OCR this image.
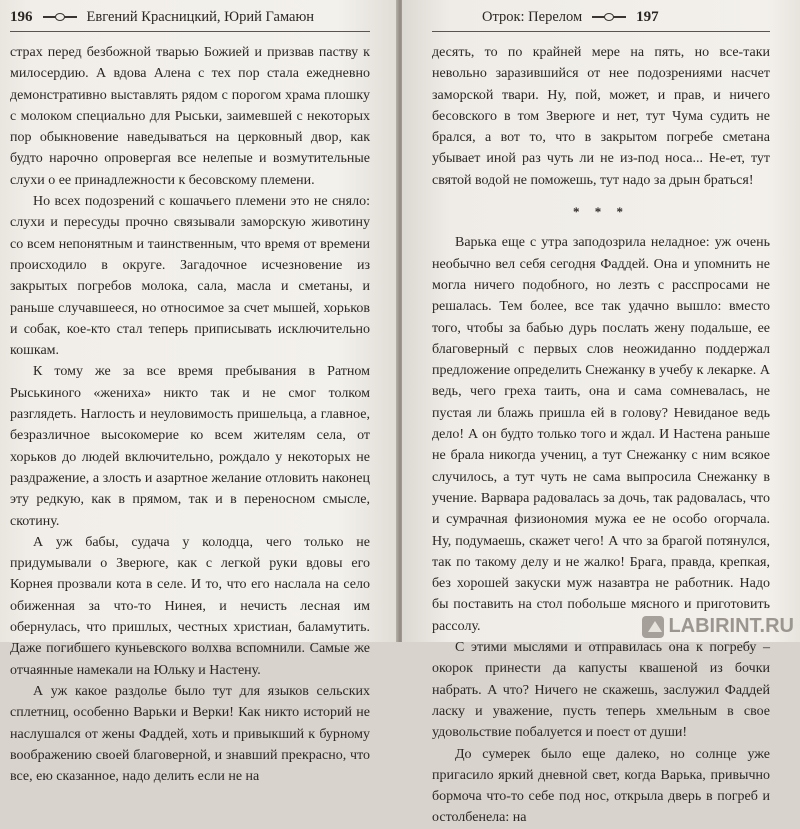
196	Евгений Красницкий, Юрий Гамаюн

страх перед безбожной тварью Божией и призвав паству к милосердию. А вдова Алена с тех пор стала ежедневно демонстративно выставлять рядом с порогом храма плошку с молоком специально для Рыськи, заимевшей с некоторых пор обыкновение наведываться на церковный двор, как будто нарочно опровергая все нелепые и возмутительные слухи о ее принадлежности к бесовскому племени.

Но всех подозрений с кошачьего племени это не сняло: слухи и пересуды прочно связывали заморскую животину со всем непонятным и таинственным, что время от времени происходило в округе. Загадочное исчезновение из закрытых погребов молока, сала, масла и сметаны, и раньше случавшееся, но относимое за счет мышей, хорьков и собак, кое-кто стал теперь приписывать исключительно кошкам.

К тому же за все время пребывания в Ратном Рыськиного «жениха» никто так и не смог толком разглядеть. Наглость и неуловимость пришельца, а главное, безразличное высокомерие ко всем жителям села, от хорьков до людей включительно, рождало у некоторых не раздражение, а злость и азартное желание отловить наконец эту редкую, как в прямом, так и в переносном смысле, скотину.

А уж бабы, судача у колодца, чего только не придумывали о Зверюге, как с легкой руки вдовы его Корнея прозвали кота в селе. И то, что его наслала на село обиженная за что-то Нинея, и нечисть лесная им обернулась, что пришлых, честных христиан, баламутить. Даже погибшего куньевского волхва вспомнили. Самые же отчаянные намекали на Юльку и Настену.

А уж какое раздолье было тут для языков сельских сплетниц, особенно Варьки и Верки! Как никто историй не наслушался от жены Фаддей, хоть и привыкший к бурному воображению своей благоверной, и знавший прекрасно, что все, ею сказанное, надо делить если не на

Отрок: Перелом	197

десять, то по крайней мере на пять, но все-таки невольно заразившийся от нее подозрениями насчет заморской твари. Ну, пой, может, и прав, и ничего бесовского в том Зверюге и нет, тут Чума судить не брался, а вот то, что в закрытом погребе сметана убывает иной раз чуть ли не из-под носа... Не-ет, тут святой водой не поможешь, тут надо за дрын браться!

* * *

Варька еще с утра заподозрила неладное: уж очень необычно вел себя сегодня Фаддей. Она и упомнить не могла ничего подобного, но лезть с расспросами не решалась. Тем более, все так удачно вышло: вместо того, чтобы за бабью дурь послать жену подальше, ее благоверный с первых слов неожиданно поддержал предложение определить Снежанку в учебу к лекарке. А ведь, чего греха таить, она и сама сомневалась, не пустая ли блажь пришла ей в голову? Невиданое ведь дело! А он будто только того и ждал. И Настена раньше не брала никогда учениц, а тут Снежанку с ним всякое случилось, а тут чуть не сама выпросила Снежанку в учение. Варвара радовалась за дочь, так радовалась, что и сумрачная физиономия мужа ее не особо огорчала. Ну, подумаешь, скажет чего! А что за брагой потянулся, так по такому делу и не жалко! Брага, правда, крепкая, без хорошей закуски муж назавтра не работник. Надо бы поставить на стол побольше мясного и приготовить рассолу.

С этими мыслями и отправилась она к погребу – окорок принести да капусты квашеной из бочки набрать. А что? Ничего не скажешь, заслужил Фаддей ласку и уважение, пусть теперь хмельным в свое удовольствие побалуется и поест от души!

До сумерек было еще далеко, но солнце уже пригасило яркий дневной свет, когда Варька, привычно бормоча что-то себе под нос, открыла дверь в погреб и остолбенела: на

LABIRINT.RU
